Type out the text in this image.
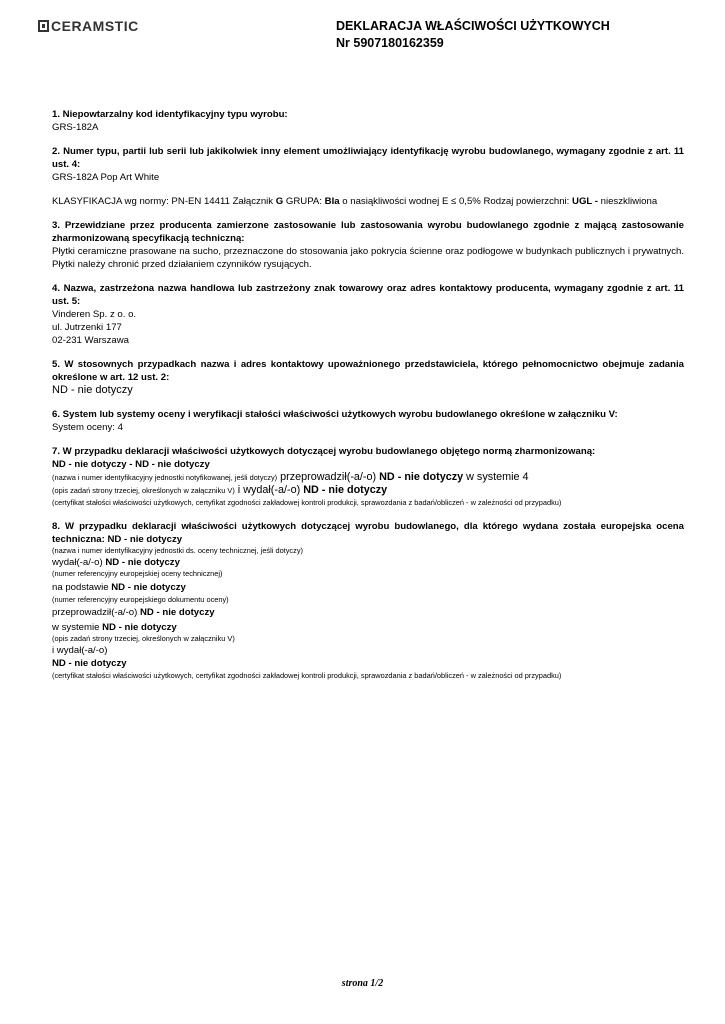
CERAMSTIC	DEKLARACJA WŁAŚCIWOŚCI UŻYTKOWYCH
Nr 5907180162359
1. Niepowtarzalny kod identyfikacyjny typu wyrobu:
GRS-182A
2. Numer typu, partii lub serii lub jakikolwiek inny element umożliwiający identyfikację wyrobu budowlanego, wymagany zgodnie z art. 11 ust. 4:
GRS-182A Pop Art White
KLASYFIKACJA wg normy: PN-EN 14411 Załącznik G GRUPA: BIa o nasiąkliwości wodnej E ≤ 0,5% Rodzaj powierzchni: UGL - nieszkliwiona
3. Przewidziane przez producenta zamierzone zastosowanie lub zastosowania wyrobu budowlanego zgodnie z mającą zastosowanie zharmonizowaną specyfikacją techniczną:
Płytki ceramiczne prasowane na sucho, przeznaczone do stosowania jako pokrycia ścienne oraz podłogowe w budynkach publicznych i prywatnych. Płytki należy chronić przed działaniem czynników rysujących.
4. Nazwa, zastrzeżona nazwa handlowa lub zastrzeżony znak towarowy oraz adres kontaktowy producenta, wymagany zgodnie z art. 11 ust. 5:
Vinderen Sp. z o. o.
ul. Jutrzenki 177
02-231 Warszawa
5. W stosownych przypadkach nazwa i adres kontaktowy upoważnionego przedstawiciela, którego pełnomocnictwo obejmuje zadania określone w art. 12 ust. 2:
ND - nie dotyczy
6. System lub systemy oceny i weryfikacji stałości właściwości użytkowych wyrobu budowlanego określone w załączniku V:
System oceny: 4
7. W przypadku deklaracji właściwości użytkowych dotyczącej wyrobu budowlanego objętego normą zharmonizowaną:
ND - nie dotyczy - ND - nie dotyczy
(nazwa i numer identyfikacyjny jednostki notyfikowanej, jeśli dotyczy) przeprowadził(-a/-o) ND - nie dotyczy w systemie 4
(opis zadań strony trzeciej, określonych w załączniku V) i wydał(-a/-o) ND - nie dotyczy
(certyfikat stałości właściwości użytkowych, certyfikat zgodności zakładowej kontroli produkcji, sprawozdania z badań/obliczeń - w zależności od przypadku)
8. W przypadku deklaracji właściwości użytkowych dotyczącej wyrobu budowlanego, dla którego wydana została europejska ocena techniczna: ND - nie dotyczy
(nazwa i numer identyfikacyjny jednostki ds. oceny technicznej, jeśli dotyczy)
wydał(-a/-o) ND - nie dotyczy
(numer referencyjny europejskiej oceny technicznej)
na podstawie ND - nie dotyczy
(numer referencyjny europejskiego dokumentu oceny)
przeprowadził(-a/-o) ND - nie dotyczy
w systemie ND - nie dotyczy
(opis zadań strony trzeciej, określonych w załączniku V)
i wydał(-a/-o)
ND - nie dotyczy
(certyfikat stałości właściwości użytkowych, certyfikat zgodności zakładowej kontroli produkcji, sprawozdania z badań/obliczeń - w zależności od przypadku)
strona 1/2
